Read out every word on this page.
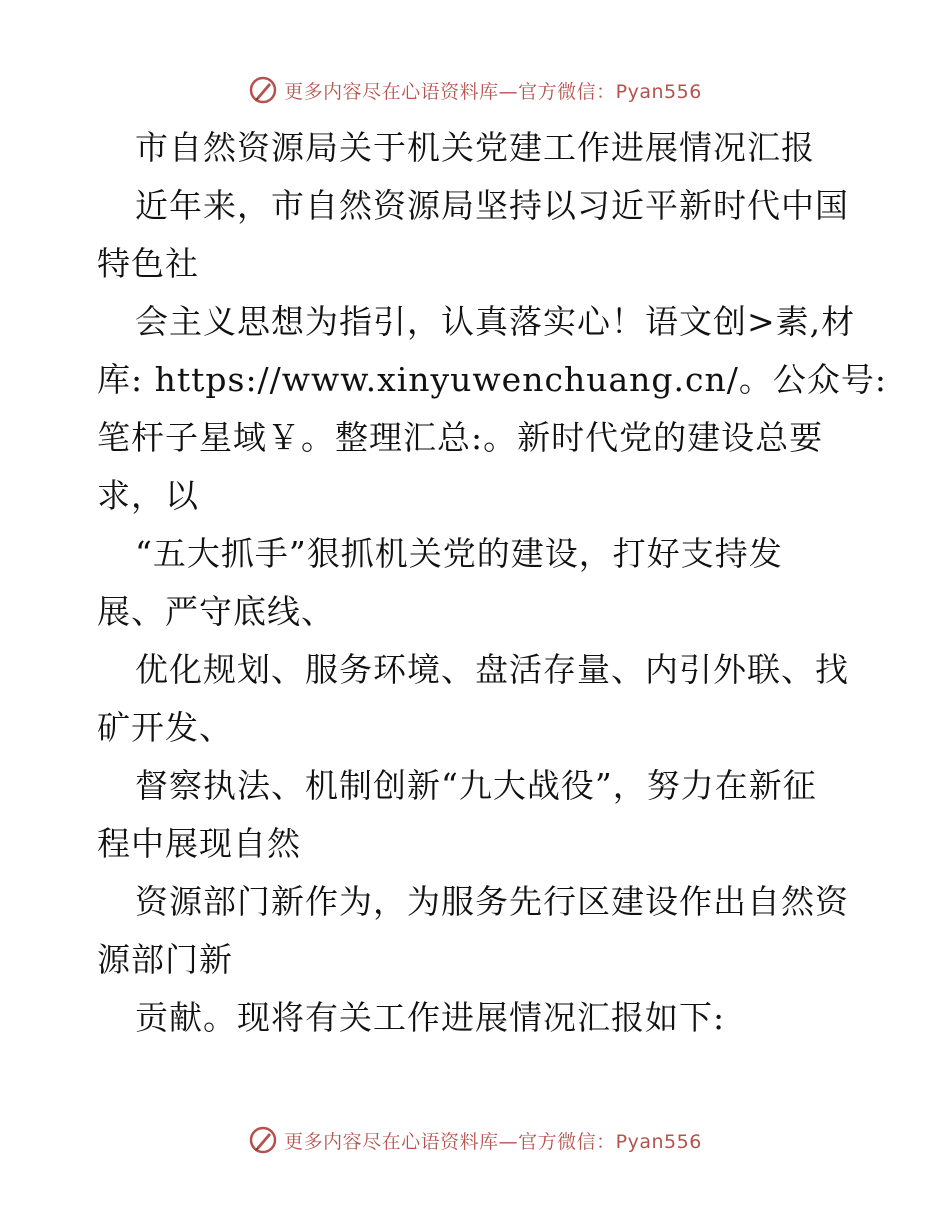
更多内容尽在心语资料库—官方微信：Pyan556
市自然资源局关于机关党建工作进展情况汇报
近年来，市自然资源局坚持以习近平新时代中国
特色社
会主义思想为指引，认真落实心！语文创>素,材
库: https://www.xinyuwenchuang.cn/。公众号:
笔杆子星域￥。整理汇总:。新时代党的建设总要
求，以
“五大抓手”狠抓机关党的建设，打好支持发
展、严守底线、
优化规划、服务环境、盘活存量、内引外联、找
矿开发、
督察执法、机制创新“九大战役”，努力在新征
程中展现自然
资源部门新作为，为服务先行区建设作出自然资
源部门新
贡献。现将有关工作进展情况汇报如下:
更多内容尽在心语资料库—官方微信：Pyan556
